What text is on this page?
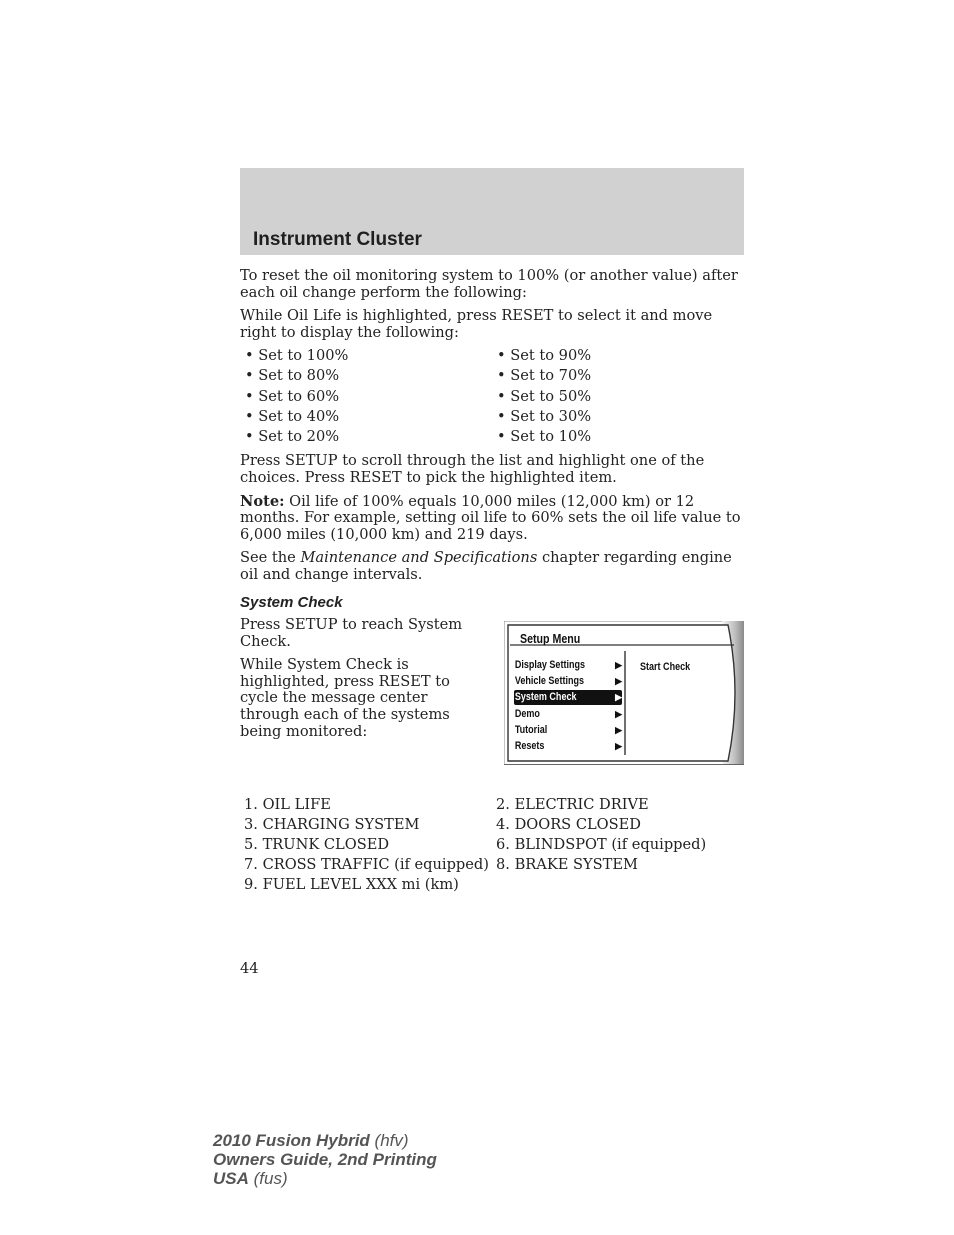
Instrument Cluster

To reset the oil monitoring system to 100% (or another value) after each oil change perform the following:

While Oil Life is highlighted, press RESET to select it and move right to display the following:

• Set to 100%	• Set to 90%
• Set to 80%	• Set to 70%
• Set to 60%	• Set to 50%
• Set to 40%	• Set to 30%
• Set to 20%	• Set to 10%

Press SETUP to scroll through the list and highlight one of the choices. Press RESET to pick the highlighted item.

Note: Oil life of 100% equals 10,000 miles (12,000 km) or 12 months. For example, setting oil life to 60% sets the oil life value to 6,000 miles (10,000 km) and 219 days.

See the Maintenance and Specifications chapter regarding engine oil and change intervals.

System Check

Press SETUP to reach System Check.

While System Check is highlighted, press RESET to cycle the message center through each of the systems being monitored:

Setup Menu
Display Settings	▶
Vehicle Settings	▶
System Check	▶
Demo	▶
Tutorial	▶
Resets	▶
Start Check
1. OIL LIFE	2. ELECTRIC DRIVE
3. CHARGING SYSTEM	4. DOORS CLOSED
5. TRUNK CLOSED	6. BLINDSPOT (if equipped)
7. CROSS TRAFFIC (if equipped) 8. BRAKE SYSTEM
9. FUEL LEVEL XXX mi (km)
44
2010 Fusion Hybrid (hfv)
Owners Guide, 2nd Printing
USA (fus)
